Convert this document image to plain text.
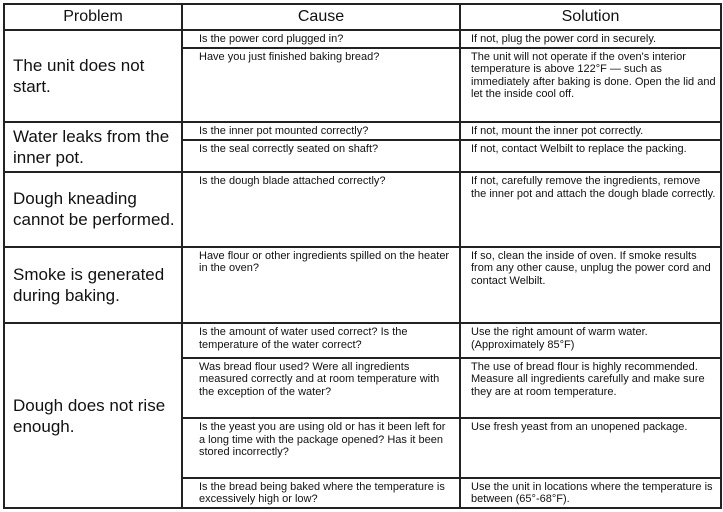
Problem	Cause	Solution

The unit does not start.	Is the power cord plugged in?	If not, plug the power cord in securely.
	Have you just finished baking bread?	The unit will not operate if the oven's interior temperature is above 122°F — such as immediately after baking is done. Open the lid and let the inside cool off.
Water leaks from the inner pot.	Is the inner pot mounted correctly?	If not, mount the inner pot correctly.
	Is the seal correctly seated on shaft?	If not, contact Welbilt to replace the packing.
Dough kneading cannot be performed.	Is the dough blade attached correctly?	If not, carefully remove the ingredients, remove the inner pot and attach the dough blade correctly.
Smoke is generated during baking.	Have flour or other ingredients spilled on the heater in the oven?	If so, clean the inside of oven. If smoke results from any other cause, unplug the power cord and contact Welbilt.
Dough does not rise enough.	Is the amount of water used correct? Is the temperature of the water correct?	Use the right amount of warm water. (Approximately 85°F)
	Was bread flour used? Were all ingredients measured correctly and at room temperature with the exception of the water?	The use of bread flour is highly recommended. Measure all ingredients carefully and make sure they are at room temperature.
	Is the yeast you are using old or has it been left for a long time with the package opened? Has it been stored incorrectly?	Use fresh yeast from an unopened package.
	Is the bread being baked where the temperature is excessively high or low?	Use the unit in locations where the temperature is between (65°-68°F).
